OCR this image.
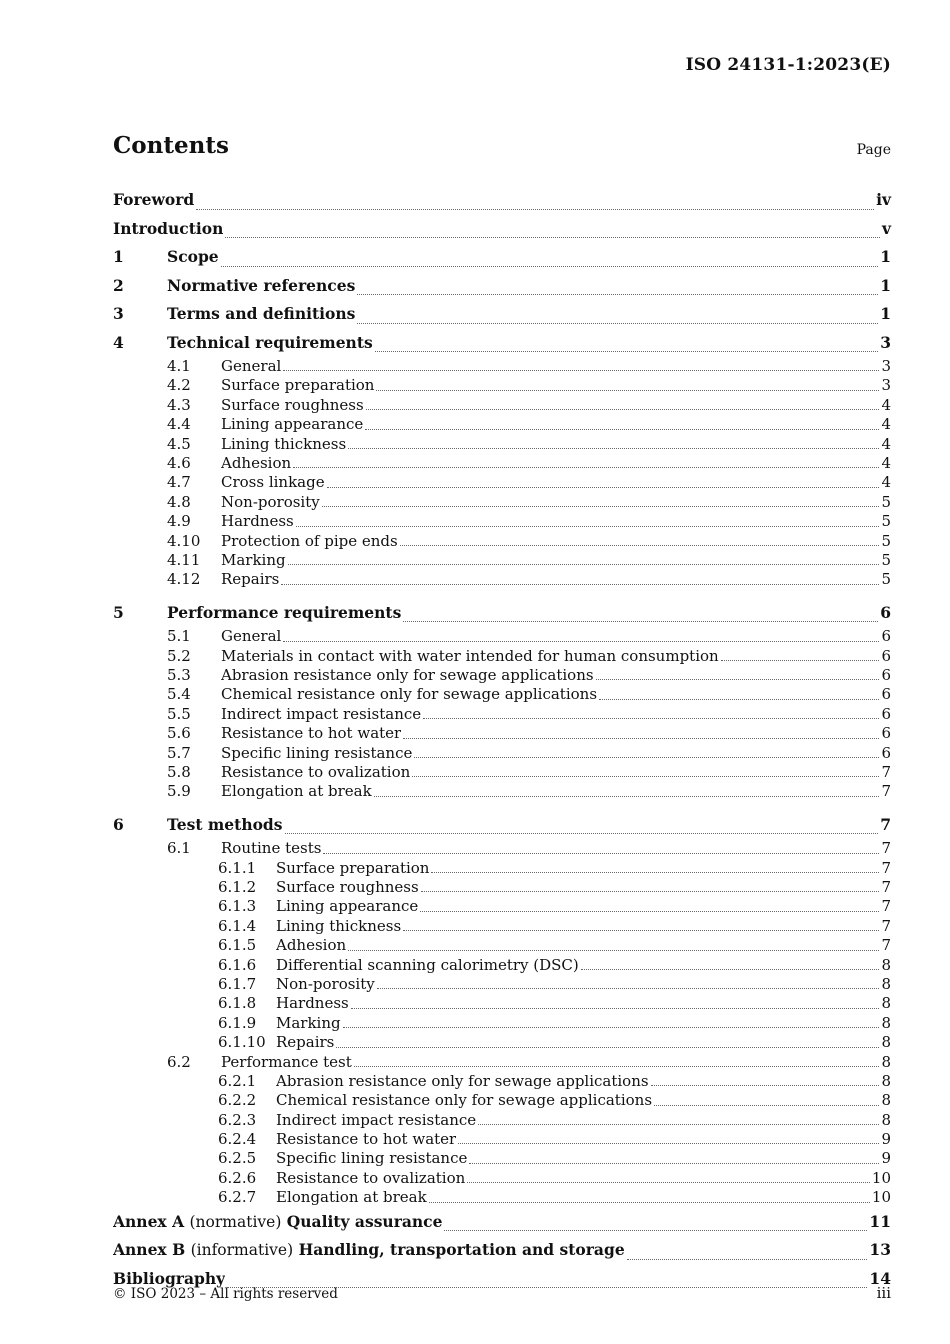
ISO 24131-1:2023(E)
Contents	Page
Foreword	iv
Introduction	v
1	Scope	1
2	Normative references	1
3	Terms and definitions	1
4	Technical requirements	3
4.1	General	3
4.2	Surface preparation	3
4.3	Surface roughness	4
4.4	Lining appearance	4
4.5	Lining thickness	4
4.6	Adhesion	4
4.7	Cross linkage	4
4.8	Non-porosity	5
4.9	Hardness	5
4.10	Protection of pipe ends	5
4.11	Marking	5
4.12	Repairs	5
5	Performance requirements	6
5.1	General	6
5.2	Materials in contact with water intended for human consumption	6
5.3	Abrasion resistance only for sewage applications	6
5.4	Chemical resistance only for sewage applications	6
5.5	Indirect impact resistance	6
5.6	Resistance to hot water	6
5.7	Specific lining resistance	6
5.8	Resistance to ovalization	7
5.9	Elongation at break	7
6	Test methods	7
6.1	Routine tests	7
6.1.1	Surface preparation	7
6.1.2	Surface roughness	7
6.1.3	Lining appearance	7
6.1.4	Lining thickness	7
6.1.5	Adhesion	7
6.1.6	Differential scanning calorimetry (DSC)	8
6.1.7	Non-porosity	8
6.1.8	Hardness	8
6.1.9	Marking	8
6.1.10 Repairs	8
6.2	Performance test	8
6.2.1	Abrasion resistance only for sewage applications	8
6.2.2	Chemical resistance only for sewage applications	8
6.2.3	Indirect impact resistance	8
6.2.4	Resistance to hot water	9
6.2.5	Specific lining resistance	9
6.2.6	Resistance to ovalization	10
6.2.7	Elongation at break	10
Annex A (normative) Quality assurance	11
Annex B (informative) Handling, transportation and storage	13
Bibliography	14
© ISO 2023 – All rights reserved	iii
